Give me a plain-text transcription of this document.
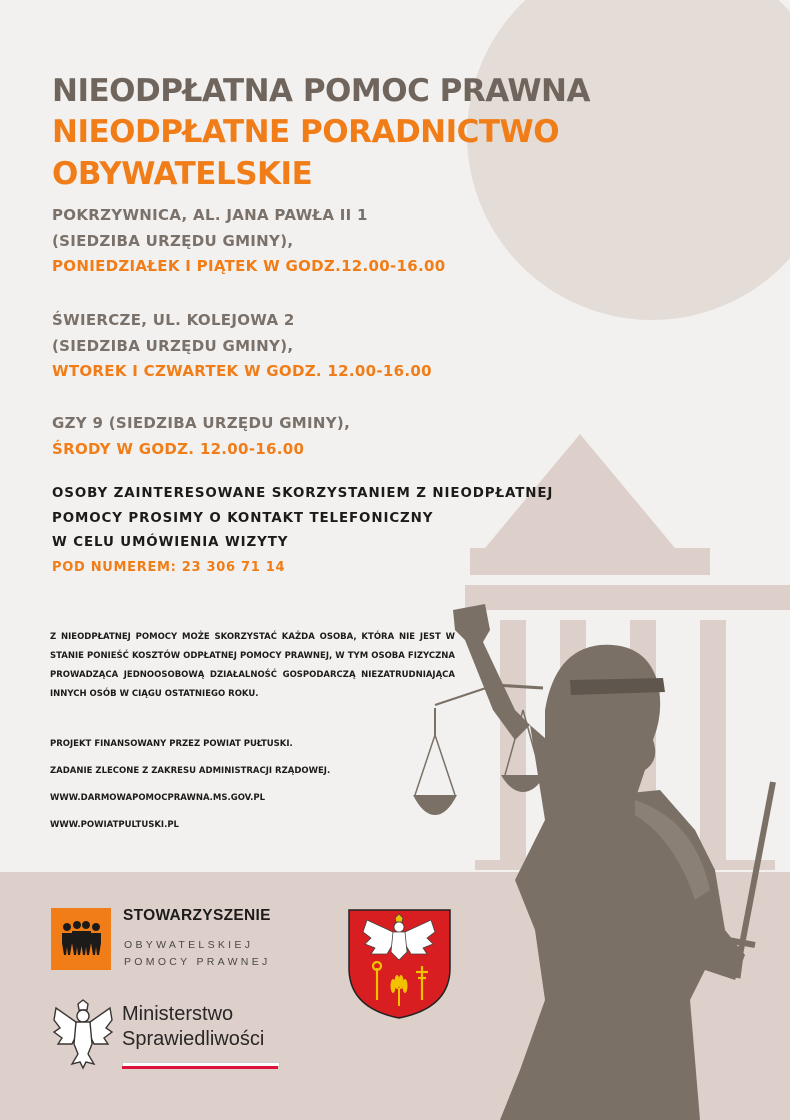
NIEODPŁATNA POMOC PRAWNA
NIEODPŁATNE PORADNICTWO OBYWATELSKIE
POKRZYWNICA, AL. JANA PAWŁA II 1
(SIEDZIBA URZĘDU GMINY),
PONIEDZIAŁEK I PIĄTEK W GODZ.12.00-16.00
ŚWIERCZE, UL. KOLEJOWA 2
(SIEDZIBA URZĘDU GMINY),
WTOREK I CZWARTEK W GODZ. 12.00-16.00
GZY 9 (SIEDZIBA URZĘDU GMINY),
ŚRODY W GODZ. 12.00-16.00
OSOBY ZAINTERESOWANE SKORZYSTANIEM Z NIEODPŁATNEJ
POMOCY PROSIMY O KONTAKT TELEFONICZNY
W CELU UMÓWIENIA WIZYTY
POD NUMEREM: 23 306 71 14
Z NIEODPŁATNEJ POMOCY MOŻE SKORZYSTAĆ KAŻDA OSOBA, KTÓRA NIE JEST W STANIE PONIEŚĆ KOSZTÓW ODPŁATNEJ POMOCY PRAWNEJ, W TYM OSOBA FIZYCZNA PROWADZĄCA JEDNOOSOBOWĄ DZIAŁALNOŚĆ GOSPODARCZĄ NIEZATRUDNIAJĄCA INNYCH OSÓB W CIĄGU OSTATNIEGO ROKU.
PROJEKT FINANSOWANY PRZEZ POWIAT PUŁTUSKI.
ZADANIE ZLECONE Z ZAKRESU ADMINISTRACJI RZĄDOWEJ.
WWW.DARMOWAPOMOCPRAWNA.MS.GOV.PL
WWW.POWIATPULTUSKI.PL
STOWARZYSZENIE
OBYWATELSKIEJ
POMOCY PRAWNEJ
Ministerstwo
Sprawiedliwości
